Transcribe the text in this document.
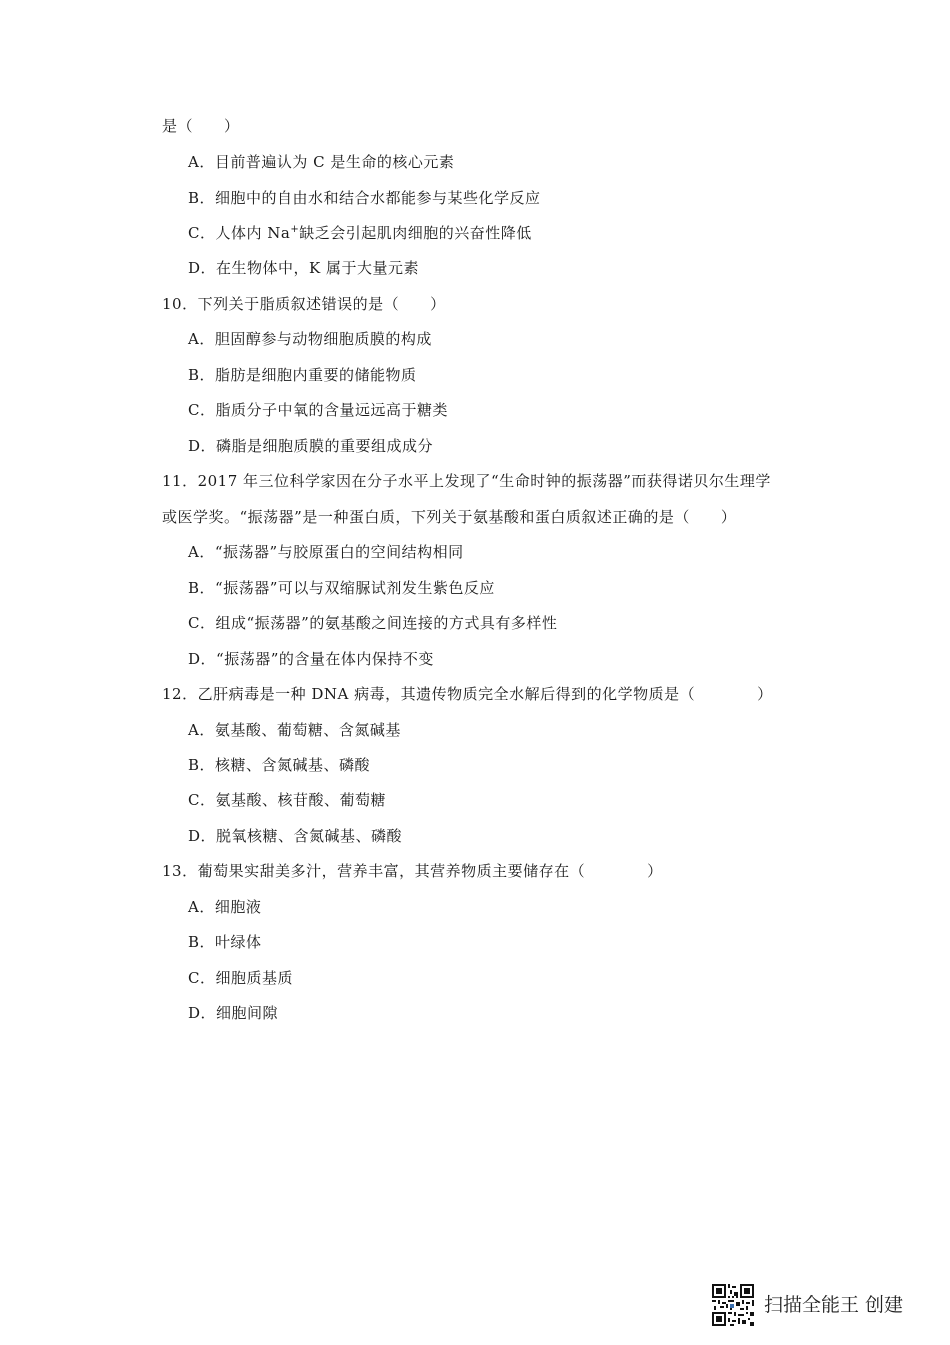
是（　　）
A．目前普遍认为 C 是生命的核心元素
B．细胞中的自由水和结合水都能参与某些化学反应
C．人体内 Na+缺乏会引起肌肉细胞的兴奋性降低
D．在生物体中，K 属于大量元素
10．下列关于脂质叙述错误的是（　　）
A．胆固醇参与动物细胞质膜的构成
B．脂肪是细胞内重要的储能物质
C．脂质分子中氧的含量远远高于糖类
D．磷脂是细胞质膜的重要组成成分
11．2017 年三位科学家因在分子水平上发现了“生命时钟的振荡器”而获得诺贝尔生理学
或医学奖。“振荡器”是一种蛋白质，下列关于氨基酸和蛋白质叙述正确的是（　　）
A．“振荡器”与胶原蛋白的空间结构相同
B．“振荡器”可以与双缩脲试剂发生紫色反应
C．组成“振荡器”的氨基酸之间连接的方式具有多样性
D．“振荡器”的含量在体内保持不变
12．乙肝病毒是一种 DNA 病毒，其遗传物质完全水解后得到的化学物质是（　　　　）
A．氨基酸、葡萄糖、含氮碱基
B．核糖、含氮碱基、磷酸
C．氨基酸、核苷酸、葡萄糖
D．脱氧核糖、含氮碱基、磷酸
13．葡萄果实甜美多汁，营养丰富，其营养物质主要储存在（　　　　）
A．细胞液
B．叶绿体
C．细胞质基质
D．细胞间隙
扫描全能王 创建
